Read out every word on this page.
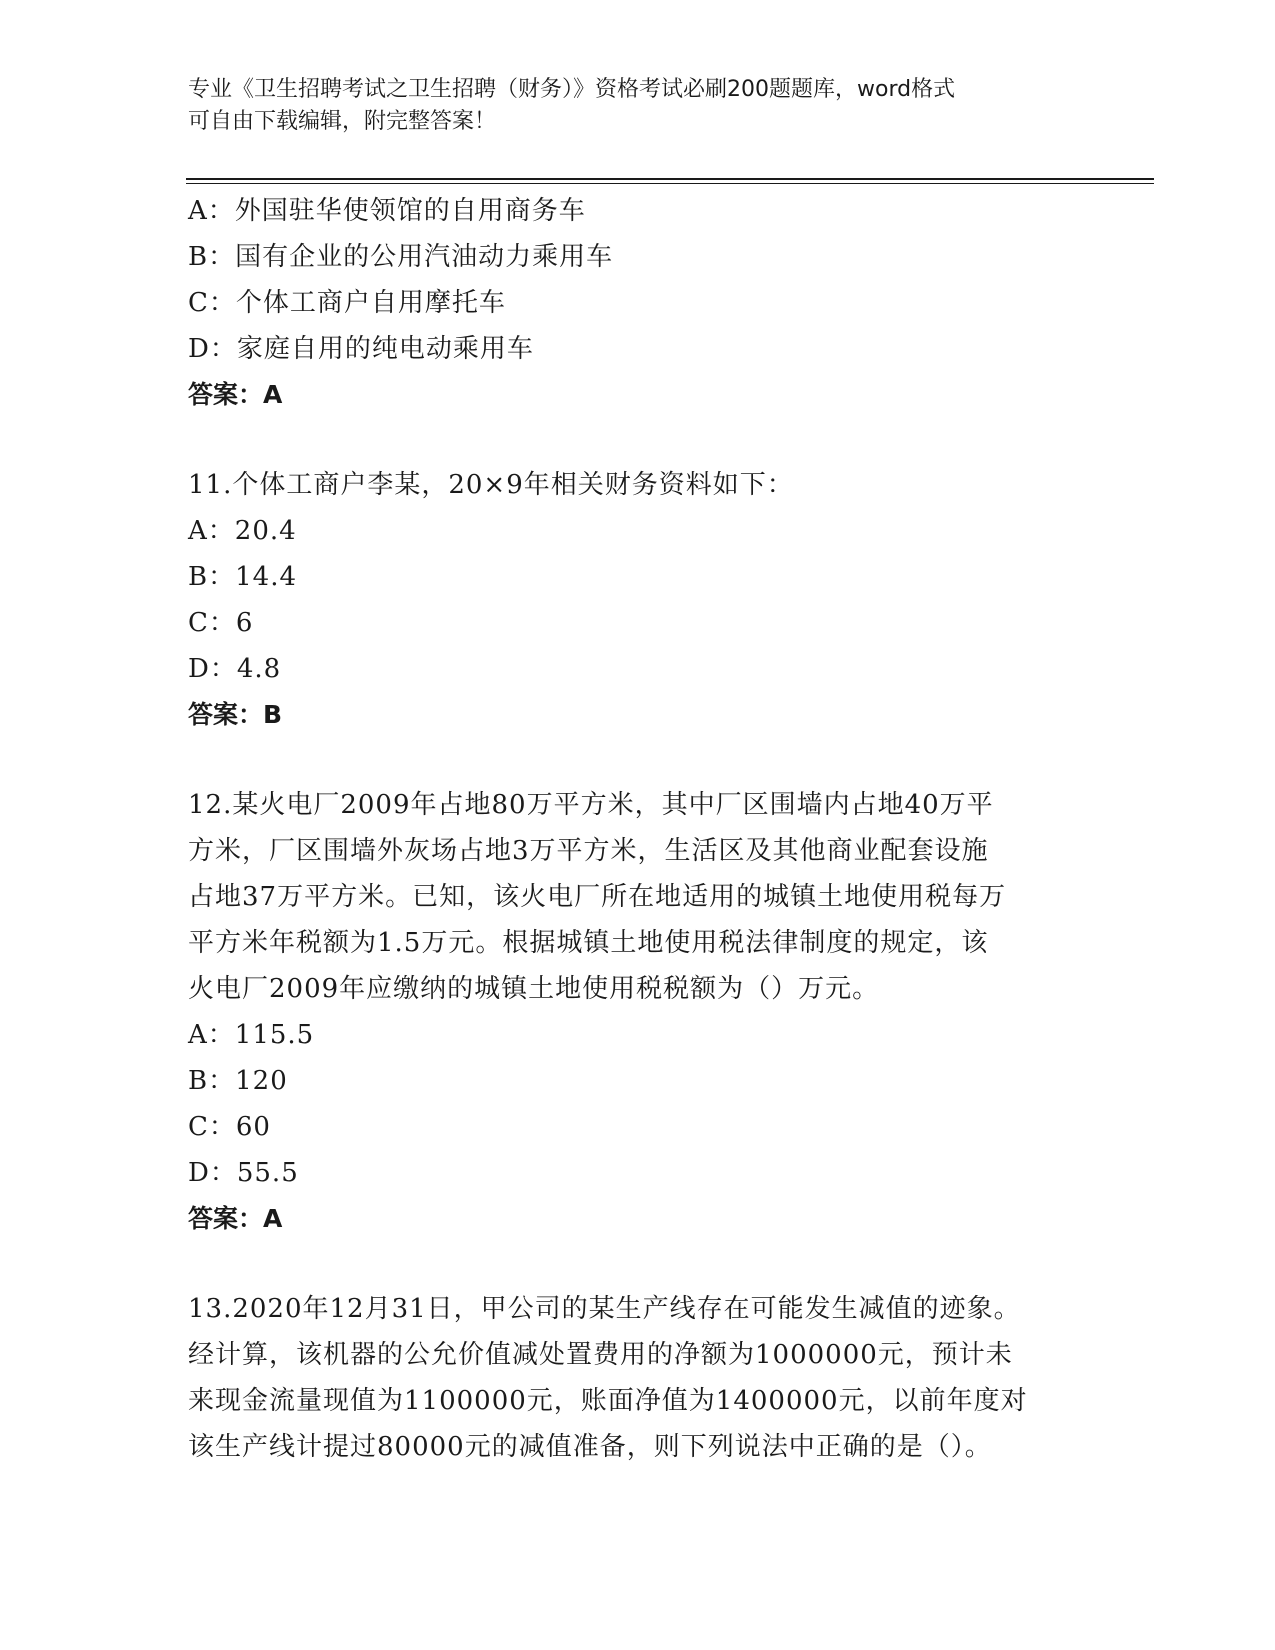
专业《卫生招聘考试之卫生招聘（财务）》资格考试必刷200题题库，word格式
可自由下载编辑，附完整答案！
A：外国驻华使领馆的自用商务车
B：国有企业的公用汽油动力乘用车
C：个体工商户自用摩托车
D：家庭自用的纯电动乘用车
答案：A
11.个体工商户李某，20×9年相关财务资料如下：
A：20.4
B：14.4
C：6
D：4.8
答案：B
12.某火电厂2009年占地80万平方米，其中厂区围墙内占地40万平
方米，厂区围墙外灰场占地3万平方米，生活区及其他商业配套设施
占地37万平方米。已知，该火电厂所在地适用的城镇土地使用税每万
平方米年税额为1.5万元。根据城镇土地使用税法律制度的规定，该
火电厂2009年应缴纳的城镇土地使用税税额为（）万元。
A：115.5
B：120
C：60
D：55.5
答案：A
13.2020年12月31日，甲公司的某生产线存在可能发生减值的迹象。
经计算，该机器的公允价值减处置费用的净额为1000000元，预计未
来现金流量现值为1100000元，账面净值为1400000元，以前年度对
该生产线计提过80000元的减值准备，则下列说法中正确的是（）。
